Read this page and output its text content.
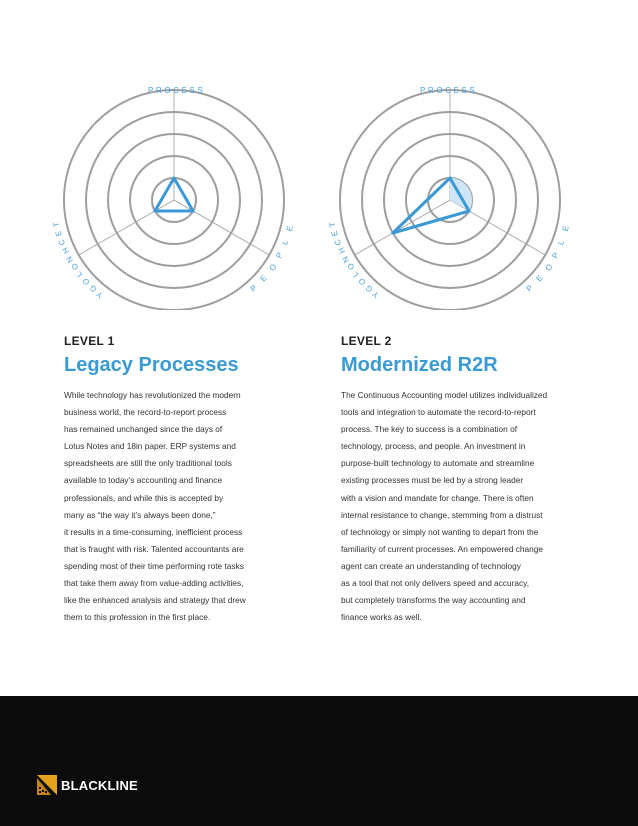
PROCESS
T
E
C
H
N
O
L
O
G
Y
P
E
O
P
L
E
PROCESS
T
E
C
H
N
O
L
O
G
Y
P
E
O
P
L
E
LEVEL 1
Legacy Processes

While technology has revolutionized the modern

business world, the record-to-report process

has remained unchanged since the days of

Lotus Notes and 18in paper. ERP systems and

spreadsheets are still the only traditional tools

available to today’s accounting and finance

professionals, and while this is accepted by

many as “the way it’s always been done,”

it results in a time-consuming, inefficient process

that is fraught with risk. Talented accountants are

spending most of their time performing rote tasks

that take them away from value-adding activities,

like the enhanced analysis and strategy that drew

them to this profession in the first place.

LEVEL 2
Modernized R2R

The Continuous Accounting model utilizes individualized

tools and integration to automate the record-to-report

process. The key to success is a combination of

technology, process, and people. An investment in

purpose-built technology to automate and streamline

existing processes must be led by a strong leader

with a vision and mandate for change. There is often

internal resistance to change, stemming from a distrust

of technology or simply not wanting to depart from the

familiarity of current processes. An empowered change

agent can create an understanding of technology

as a tool that not only delivers speed and accuracy,

but completely transforms the way accounting and

finance works as well.

BLACKLINE
